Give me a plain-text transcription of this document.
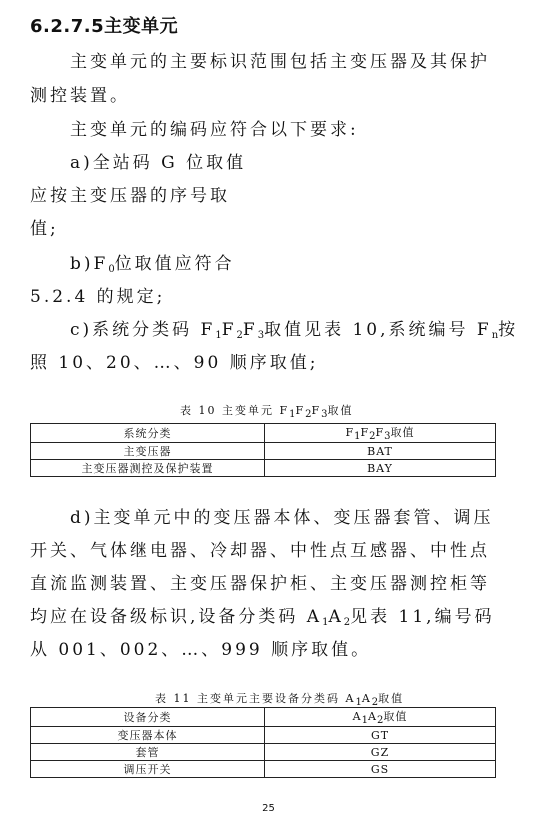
6.2.7.5主变单元
主变单元的主要标识范围包括主变压器及其保护
测控装置。
主变单元的编码应符合以下要求:
a)全站码 G 位取值
应按主变压器的序号取
值;
$b)F_0$位取值应符合
5.2.4 的规定;
c)系统分类码 $F_1F_2F_3$取值见表 10,系统编号 $F_n$按
照 10、20、…、90 顺序取值;
表 10 主变单元 $F_1F_2F_3$取值
系统分类	$F_1F_2F_3$取值
主变压器	BAT
主变压器测控及保护装置	BAY
d)主变单元中的变压器本体、变压器套管、调压
开关、气体继电器、冷却器、中性点互感器、中性点
直流监测装置、主变压器保护柜、主变压器测控柜等
均应在设备级标识,设备分类码 $A_1A_2$见表 11,编号码
从 001、002、…、999 顺序取值。
表 11 主变单元主要设备分类码 $A_1A_2$取值
设备分类	$A_1A_2$取值
变压器本体	GT
套管	GZ
调压开关	GS
25
